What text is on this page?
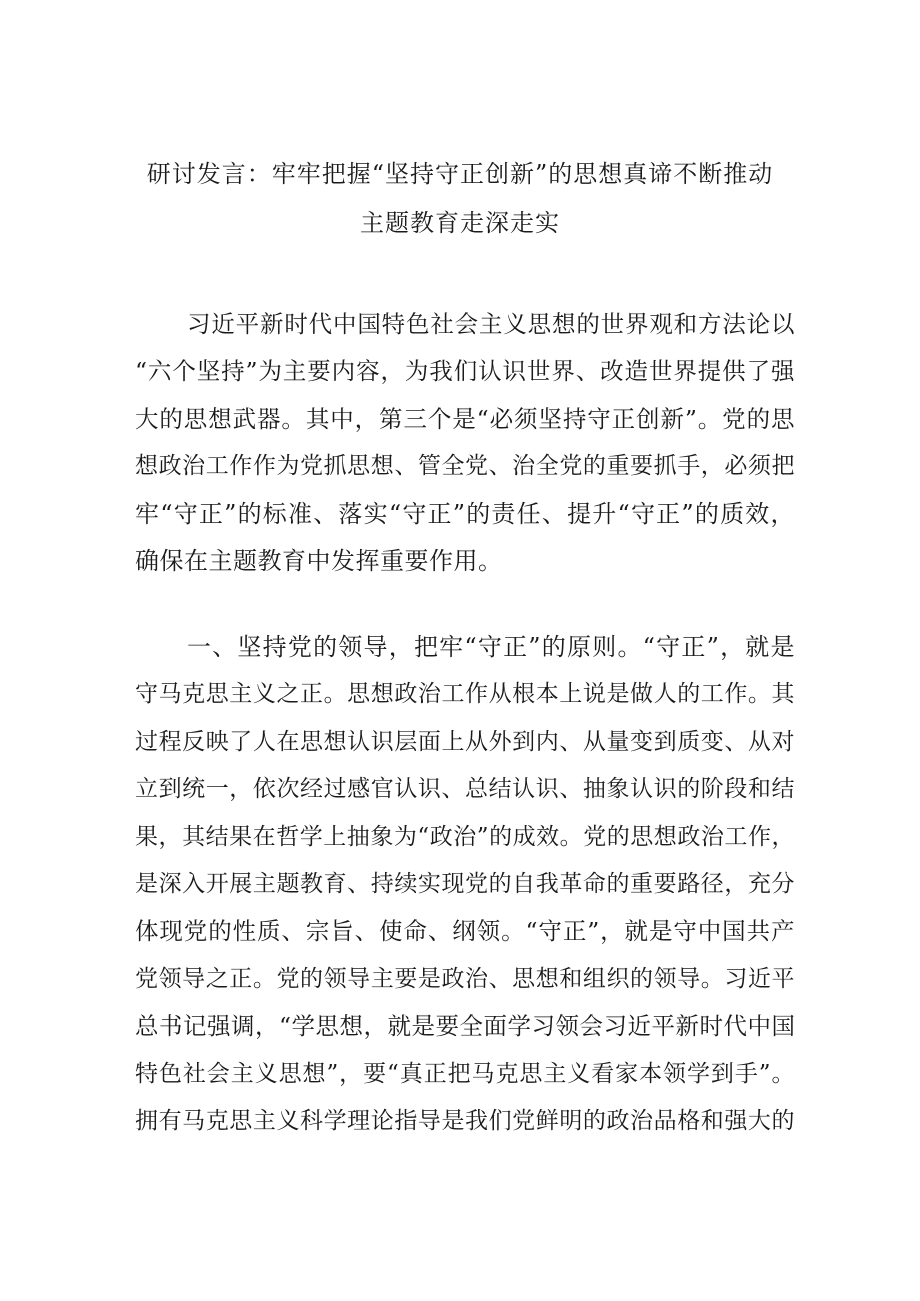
研讨发言：牢牢把握“坚持守正创新”的思想真谛不断推动
主题教育走深走实
习近平新时代中国特色社会主义思想的世界观和方法论以
“六个坚持”为主要内容，为我们认识世界、改造世界提供了强
大的思想武器。其中，第三个是“必须坚持守正创新”。党的思
想政治工作作为党抓思想、管全党、治全党的重要抓手，必须把
牢“守正”的标准、落实“守正”的责任、提升“守正”的质效，
确保在主题教育中发挥重要作用。
一、坚持党的领导，把牢“守正”的原则。“守正”，就是
守马克思主义之正。思想政治工作从根本上说是做人的工作。其
过程反映了人在思想认识层面上从外到内、从量变到质变、从对
立到统一，依次经过感官认识、总结认识、抽象认识的阶段和结
果，其结果在哲学上抽象为“政治”的成效。党的思想政治工作，
是深入开展主题教育、持续实现党的自我革命的重要路径，充分
体现党的性质、宗旨、使命、纲领。“守正”，就是守中国共产
党领导之正。党的领导主要是政治、思想和组织的领导。习近平
总书记强调，“学思想，就是要全面学习领会习近平新时代中国
特色社会主义思想”，要“真正把马克思主义看家本领学到手”。
拥有马克思主义科学理论指导是我们党鲜明的政治品格和强大的
